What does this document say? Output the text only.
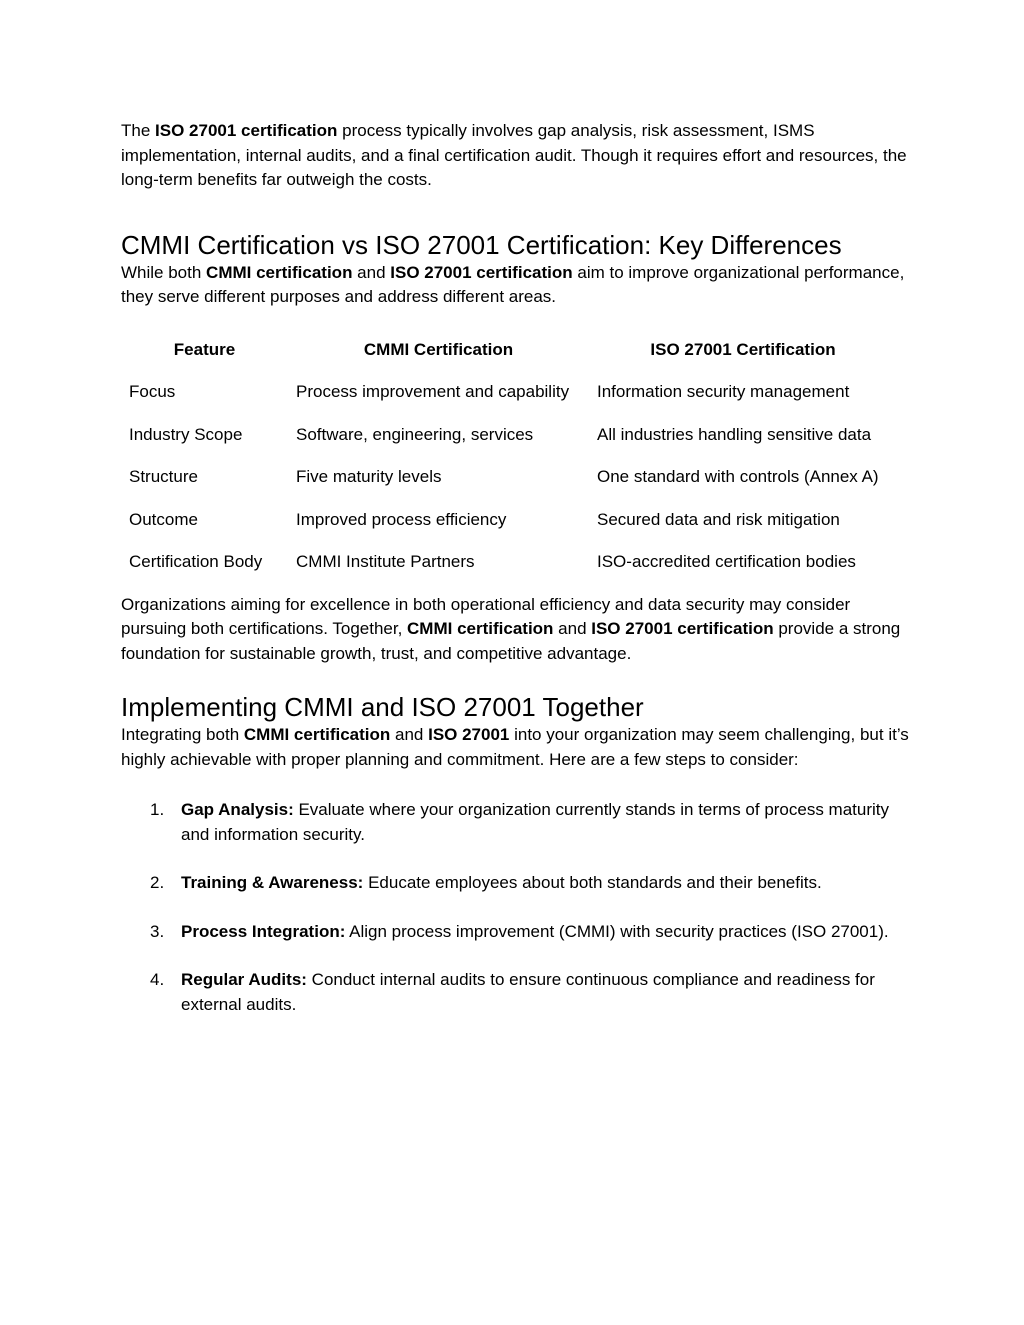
The ISO 27001 certification process typically involves gap analysis, risk assessment, ISMS implementation, internal audits, and a final certification audit. Though it requires effort and resources, the long-term benefits far outweigh the costs.

CMMI Certification vs ISO 27001 Certification: Key Differences

While both CMMI certification and ISO 27001 certification aim to improve organizational performance, they serve different purposes and address different areas.

Feature	CMMI Certification	ISO 27001 Certification
Focus	Process improvement and capability	Information security management
Industry Scope	Software, engineering, services	All industries handling sensitive data
Structure	Five maturity levels	One standard with controls (Annex A)
Outcome	Improved process efficiency	Secured data and risk mitigation
Certification Body	CMMI Institute Partners	ISO-accredited certification bodies

Organizations aiming for excellence in both operational efficiency and data security may consider pursuing both certifications. Together, CMMI certification and ISO 27001 certification provide a strong foundation for sustainable growth, trust, and competitive advantage.

Implementing CMMI and ISO 27001 Together

Integrating both CMMI certification and ISO 27001 into your organization may seem challenging, but it’s highly achievable with proper planning and commitment. Here are a few steps to consider:

1. Gap Analysis: Evaluate where your organization currently stands in terms of process maturity and information security.
2. Training & Awareness: Educate employees about both standards and their benefits.
3. Process Integration: Align process improvement (CMMI) with security practices (ISO 27001).
4. Regular Audits: Conduct internal audits to ensure continuous compliance and readiness for external audits.
